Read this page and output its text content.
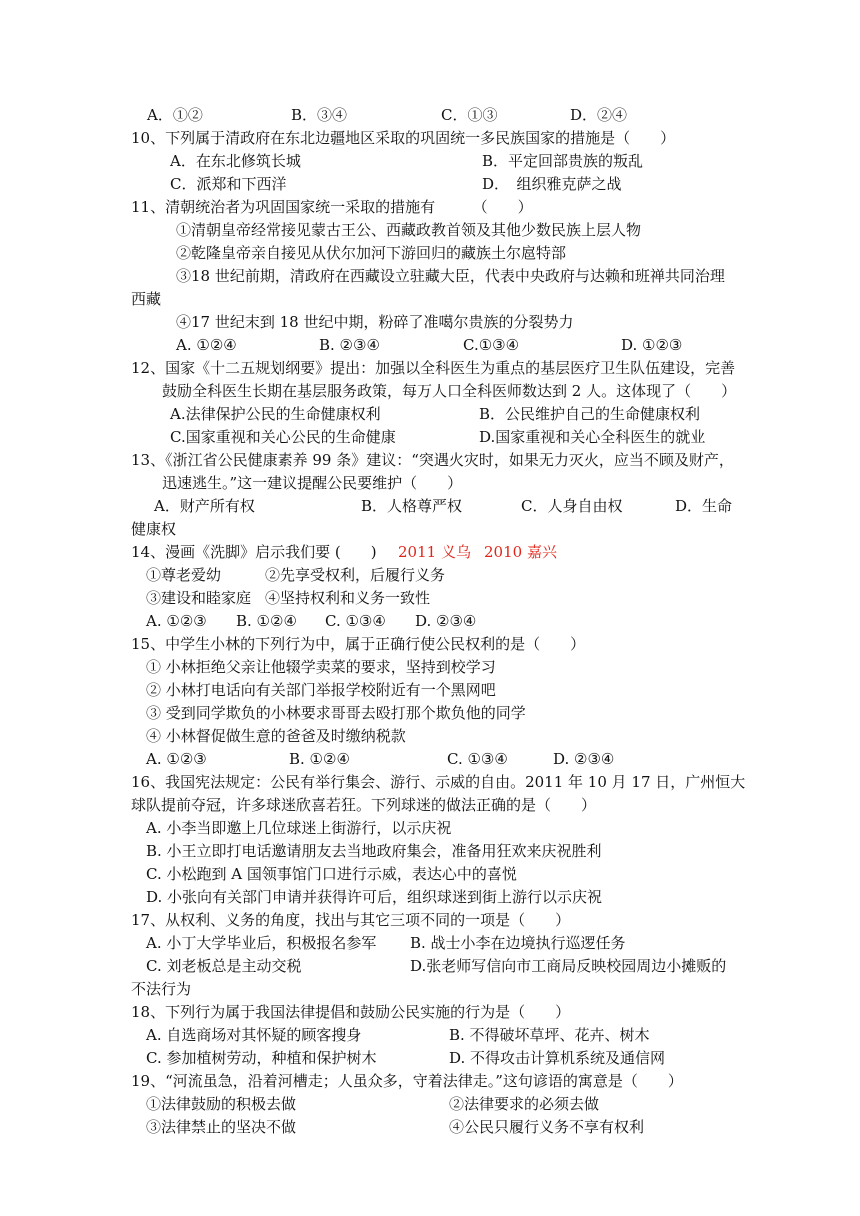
A．①②	B．③④	C．①③	D．②④
10、下列属于清政府在东北边疆地区采取的巩固统一多民族国家的措施是（　　）
A．在东北修筑长城	B．平定回部贵族的叛乱
C．派郑和下西洋	D．　组织雅克萨之战
11、清朝统治者为巩固国家统一采取的措施有　　　（　　）
①清朝皇帝经常接见蒙古王公、西藏政教首领及其他少数民族上层人物
②乾隆皇帝亲自接见从伏尔加河下游回归的藏族土尔扈特部
③18 世纪前期，清政府在西藏设立驻藏大臣，代表中央政府与达赖和班禅共同治理
西藏
④17 世纪末到 18 世纪中期，粉碎了准噶尔贵族的分裂势力
A. ①②④	B. ②③④	C.①③④	D. ①②③
12、国家《十二五规划纲要》提出：加强以全科医生为重点的基层医疗卫生队伍建设，完善
鼓励全科医生长期在基层服务政策，每万人口全科医师数达到 2 人。这体现了（　　）
A.法律保护公民的生命健康权利	B．公民维护自己的生命健康权利
C.国家重视和关心公民的生命健康	D.国家重视和关心全科医生的就业
13、《浙江省公民健康素养 99 条》建议：“突遇火灾时，如果无力灭火，应当不顾及财产，
迅速逃生。”这一建议提醒公民要维护（　　）
A．财产所有权	B．人格尊严权	C．人身自由权	D．生命
健康权
14、漫画《洗脚》启示我们要 (　　) 2011 义乌 2010 嘉兴
①尊老爱幼	②先享受权利，后履行义务
③建设和睦家庭 ④坚持权利和义务一致性
A. ①②③ B. ①②④ C. ①③④ D. ②③④
15、中学生小林的下列行为中，属于正确行使公民权利的是（　　）
① 小林拒绝父亲让他辍学卖菜的要求，坚持到校学习
② 小林打电话向有关部门举报学校附近有一个黑网吧
③ 受到同学欺负的小林要求哥哥去殴打那个欺负他的同学
④ 小林督促做生意的爸爸及时缴纳税款
A. ①②③	B. ①②④	C. ①③④	D. ②③④
16、我国宪法规定：公民有举行集会、游行、示威的自由。2011 年 10 月 17 日，广州恒大
球队提前夺冠，许多球迷欣喜若狂。下列球迷的做法正确的是（　　）
A. 小李当即邀上几位球迷上街游行，以示庆祝
B. 小王立即打电话邀请朋友去当地政府集会，准备用狂欢来庆祝胜利
C. 小松跑到 A 国领事馆门口进行示威，表达心中的喜悦
D. 小张向有关部门申请并获得许可后，组织球迷到街上游行以示庆祝
17、从权利、义务的角度，找出与其它三项不同的一项是（　　）
A. 小丁大学毕业后，积极报名参军 B. 战士小李在边境执行巡逻任务
C. 刘老板总是主动交税	D.张老师写信向市工商局反映校园周边小摊贩的
不法行为
18、下列行为属于我国法律提倡和鼓励公民实施的行为是（　　）
A. 自选商场对其怀疑的顾客搜身	B. 不得破坏草坪、花卉、树木
C. 参加植树劳动，种植和保护树木	D. 不得攻击计算机系统及通信网
19、“河流虽急，沿着河槽走；人虽众多，守着法律走。”这句谚语的寓意是（　　）
①法律鼓励的积极去做	②法律要求的必须去做
③法律禁止的坚决不做	④公民只履行义务不享有权利
